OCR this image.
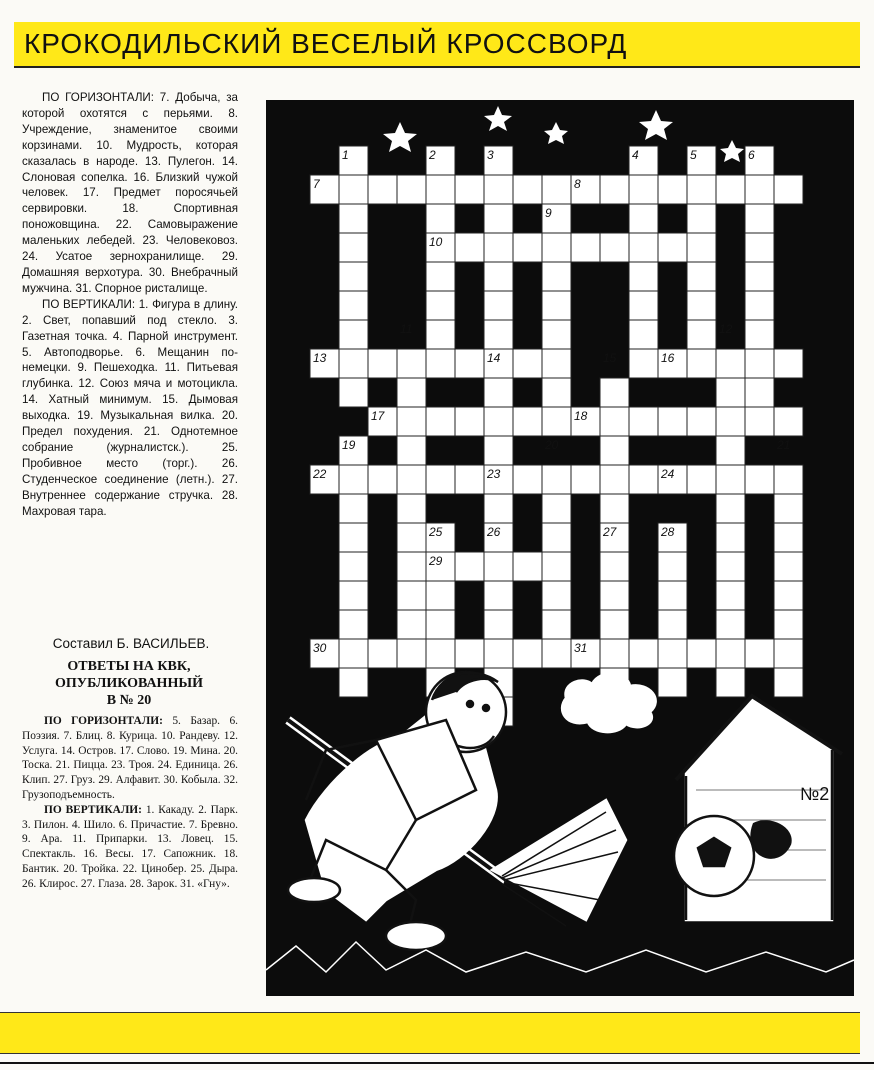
КРОКОДИЛЬСКИЙ ВЕСЕЛЫЙ КРОССВОРД

ПО ГОРИЗОНТАЛИ: 7. Добыча, за которой охотятся с перьями. 8. Учреждение, знаменитое своими корзинами. 10. Мудрость, которая сказалась в народе. 13. Пулегон. 14. Слоновая сопелка. 16. Близкий чужой человек. 17. Предмет поросячьей сервировки. 18. Спортивная поножовщина. 22. Самовыражение маленьких лебедей. 23. Человековоз. 24. Усатое зернохранилище. 29. Домашняя верхотура. 30. Внебрачный мужчина. 31. Спорное ристалище.

ПО ВЕРТИКАЛИ: 1. Фигура в длину. 2. Свет, попавший под стекло. 3. Газетная точка. 4. Парной инструмент. 5. Автоподворье. 6. Мещанин по-немецки. 9. Пешеходка. 11. Питьевая глубинка. 12. Союз мяча и мотоцикла. 14. Хатный минимум. 15. Дымовая выходка. 19. Музыкальная вилка. 20. Предел похудения. 21. Однотемное собрание (журналистск.). 25. Пробивное место (торг.). 26. Студенческое соединение (летн.). 27. Внутреннее содержание стручка. 28. Махровая тара.

Составил Б. ВАСИЛЬЕВ.
ОТВЕТЫ НА КВК,
ОПУБЛИКОВАННЫЙ
В № 20

ПО ГОРИЗОНТАЛИ: 5. Базар. 6. Поэзия. 7. Блиц. 8. Курица. 10. Рандеву. 12. Услуга. 14. Остров. 17. Слово. 19. Мина. 20. Тоска. 21. Пицца. 23. Троя. 24. Единица. 26. Клип. 27. Груз. 29. Алфавит. 30. Кобыла. 32. Грузоподъемность.

ПО ВЕРТИКАЛИ: 1. Какаду. 2. Парк. 3. Пилон. 4. Шило. 6. Причастие. 7. Бревно. 9. Ара. 11. Припарки. 13. Ловец. 15. Спектакль. 16. Весы. 17. Сапожник. 18. Бантик. 20. Тройка. 22. Цинобер. 25. Дыра. 26. Клирос. 27. Глаза. 28. Зарок. 31. «Гну».

1	2	3	4	5	6
7	8
9
10
11	12
13	14	15	16
17	18
19	20	21
22	23	24
25	26	27	28
29
30	31
№2
